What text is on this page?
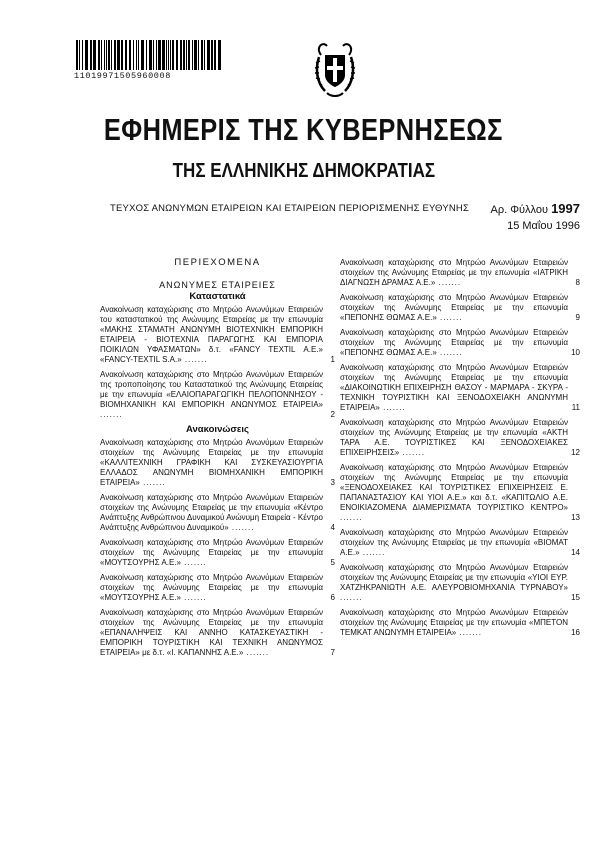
11019971505960008
ΕΦΗΜΕΡΙΣ ΤΗΣ ΚΥΒΕΡΝΗΣΕΩΣ
ΤΗΣ ΕΛΛΗΝΙΚΗΣ ΔΗΜΟΚΡΑΤΙΑΣ
ΤΕΥΧΟΣ ΑΝΩΝΥΜΩΝ ΕΤΑΙΡΕΙΩΝ ΚΑΙ ΕΤΑΙΡΕΙΩΝ ΠΕΡΙΟΡΙΣΜΕΝΗΣ ΕΥΘΥΝΗΣ Αρ. Φύλλου 1997
15 Μαΐου 1996
ΠΕΡΙΕΧΟΜΕΝΑ
ΑΝΩΝΥΜΕΣ ΕΤΑΙΡΕΙΕΣ
Καταστατικά
Ανακοίνωση καταχώρισης στο Μητρώο Ανωνύμων Εταιρειών του καταστατικού της Ανώνυμης Εταιρείας με την επωνυμία «ΜΑΚΗΣ ΣΤΑΜΑΤΗ ΑΝΩΝΥΜΗ ΒΙΟΤΕΧΝΙΚΗ ΕΜΠΟΡΙΚΗ ΕΤΑΙΡΕΙΑ - ΒΙΟΤΕΧΝΙΑ ΠΑΡΑΓΩΓΗΣ ΚΑΙ ΕΜΠΟΡΙΑ ΠΟΙΚΙΛΩΝ ΥΦΑΣΜΑΤΩΝ» δ.τ. «FANCY TEXTIL Α.Ε.» «FANCY-TEXTIL S.A.» .......	1
Ανακοίνωση καταχώρισης στο Μητρώο Ανωνύμων Εταιρειών της τροποποίησης του Καταστατικού της Ανώνυμης Εταιρείας με την επωνυμία «ΕΛΑΙΟΠΑΡΑΓΩΓΙΚΗ ΠΕΛΟΠΟΝΝΗΣΟΥ - ΒΙΟΜΗΧΑΝΙΚΗ ΚΑΙ ΕΜΠΟΡΙΚΗ ΑΝΩΝΥΜΟΣ ΕΤΑΙΡΕΙΑ» .......	2
Ανακοινώσεις
Ανακοίνωση καταχώρισης στο Μητρώο Ανωνύμων Εταιρειών στοιχείων της Ανώνυμης Εταιρείας με την επωνυμία «ΚΑΛΛΙΤΕΧΝΙΚΗ ΓΡΑΦΙΚΗ ΚΑΙ ΣΥΣΚΕΥΑΣΙΟΥΡΓΙΑ ΕΛΛΑΔΟΣ ΑΝΩΝΥΜΗ ΒΙΟΜΗΧΑΝΙΚΗ ΕΜΠΟΡΙΚΗ ΕΤΑΙΡΕΙΑ» .......	3
Ανακοίνωση καταχώρισης στο Μητρώο Ανωνύμων Εταιρειών στοιχείων της Ανώνυμης Εταιρείας με την επωνυμία «Κέντρο Ανάπτυξης Ανθρώπινου Δυναμικού Ανώνυμη Εταιρεία - Κέντρο Ανάπτυξης Ανθρώπινου Δυναμικού» .......	4
Ανακοίνωση καταχώρισης στο Μητρώο Ανωνύμων Εταιρειών στοιχείων της Ανώνυμης Εταιρείας με την επωνυμία «ΜΟΥΤΣΟΥΡΗΣ Α.Ε.» .......	5
Ανακοίνωση καταχώρισης στο Μητρώο Ανωνύμων Εταιρειών στοιχείων της Ανώνυμης Εταιρείας με την επωνυμία «ΜΟΥΤΣΟΥΡΗΣ Α.Ε.» .......	6
Ανακοίνωση καταχώρισης στο Μητρώο Ανωνύμων Εταιρειών στοιχείων της Ανώνυμης Εταιρείας με την επωνυμία «ΕΠΑΝΑΛΗΨΕΙΣ ΚΑΙ ΑΝΝΗΟ ΚΑΤΑΣΚΕΥΑΣΤΙΚΗ - ΕΜΠΟΡΙΚΗ ΤΟΥΡΙΣΤΙΚΗ ΚΑΙ ΤΕΧΝΙΚΗ ΑΝΩΝΥΜΟΣ ΕΤΑΙΡΕΙΑ» με δ.τ. «Ι. ΚΑΠΑΝΝΗΣ Α.Ε.» .......	7
Ανακοίνωση καταχώρισης στο Μητρώο Ανωνύμων Εταιρειών στοιχείων της Ανώνυμης Εταιρείας με την επωνυμία «ΙΑΤΡΙΚΗ ΔΙΑΓΝΩΣΗ ΔΡΑΜΑΣ Α.Ε.» .......	8
Ανακοίνωση καταχώρισης στο Μητρώο Ανωνύμων Εταιρειών στοιχείων της Ανώνυμης Εταιρείας με την επωνυμία «ΠΕΠΟΝΗΣ ΘΩΜΑΣ Α.Ε.» .......	9
Ανακοίνωση καταχώρισης στο Μητρώο Ανωνύμων Εταιρειών στοιχείων της Ανώνυμης Εταιρείας με την επωνυμία «ΠΕΠΟΝΗΣ ΘΩΜΑΣ Α.Ε.» .......	10
Ανακοίνωση καταχώρισης στο Μητρώο Ανωνύμων Εταιρειών στοιχείων της Ανώνυμης Εταιρείας με την επωνυμία «ΔΙΑΚΟΙΝΩΤΙΚΗ ΕΠΙΧΕΙΡΗΣΗ ΘΑΣΟΥ - ΜΑΡΜΑΡΑ - ΣΚΥΡΑ - ΤΕΧΝΙΚΗ ΤΟΥΡΙΣΤΙΚΗ ΚΑΙ ΞΕΝΟΔΟΧΕΙΑΚΗ ΑΝΩΝΥΜΗ ΕΤΑΙΡΕΙΑ» .......	11
Ανακοίνωση καταχώρισης στο Μητρώο Ανωνύμων Εταιρειών στοιχείων της Ανώνυμης Εταιρείας με την επωνυμία «ΑΚΤΗ ΤΑΡΑ Α.Ε. ΤΟΥΡΙΣΤΙΚΕΣ ΚΑΙ ΞΕΝΟΔΟΧΕΙΑΚΕΣ ΕΠΙΧΕΙΡΗΣΕΙΣ» .......	12
Ανακοίνωση καταχώρισης στο Μητρώο Ανωνύμων Εταιρειών στοιχείων της Ανώνυμης Εταιρείας με την επωνυμία «ΞΕΝΟΔΟΧΕΙΑΚΕΣ ΚΑΙ ΤΟΥΡΙΣΤΙΚΕΣ ΕΠΙΧΕΙΡΗΣΕΙΣ Ε. ΠΑΠΑΝΑΣΤΑΣΙΟΥ ΚΑΙ ΥΙΟΙ Α.Ε.» και δ.τ. «ΚΑΠΙΤΩΛΙΟ Α.Ε. ΕΝΟΙΚΙΑΖΟΜΕΝΑ ΔΙΑΜΕΡΙΣΜΑΤΑ ΤΟΥΡΙΣΤΙΚΟ ΚΕΝΤΡΟ» .......	13
Ανακοίνωση καταχώρισης στο Μητρώο Ανωνύμων Εταιρειών στοιχείων της Ανώνυμης Εταιρείας με την επωνυμία «ΒΙΟΜΑΤ Α.Ε.» .......	14
Ανακοίνωση καταχώρισης στο Μητρώο Ανωνύμων Εταιρειών στοιχείων της Ανώνυμης Εταιρείας με την επωνυμία «ΥΙΟΙ ΕΥΡ. ΧΑΤΖΗΚΡΑΝΙΩΤΗ Α.Ε. ΑΛΕΥΡΟΒΙΟΜΗΧΑΝΙΑ ΤΥΡΝΑΒΟΥ» .......	15
Ανακοίνωση καταχώρισης στο Μητρώο Ανωνύμων Εταιρειών στοιχείων της Ανώνυμης Εταιρείας με την επωνυμία «ΜΠΕΤΟΝ ΤΕΜΚΑΤ ΑΝΩΝΥΜΗ ΕΤΑΙΡΕΙΑ» .......	16
